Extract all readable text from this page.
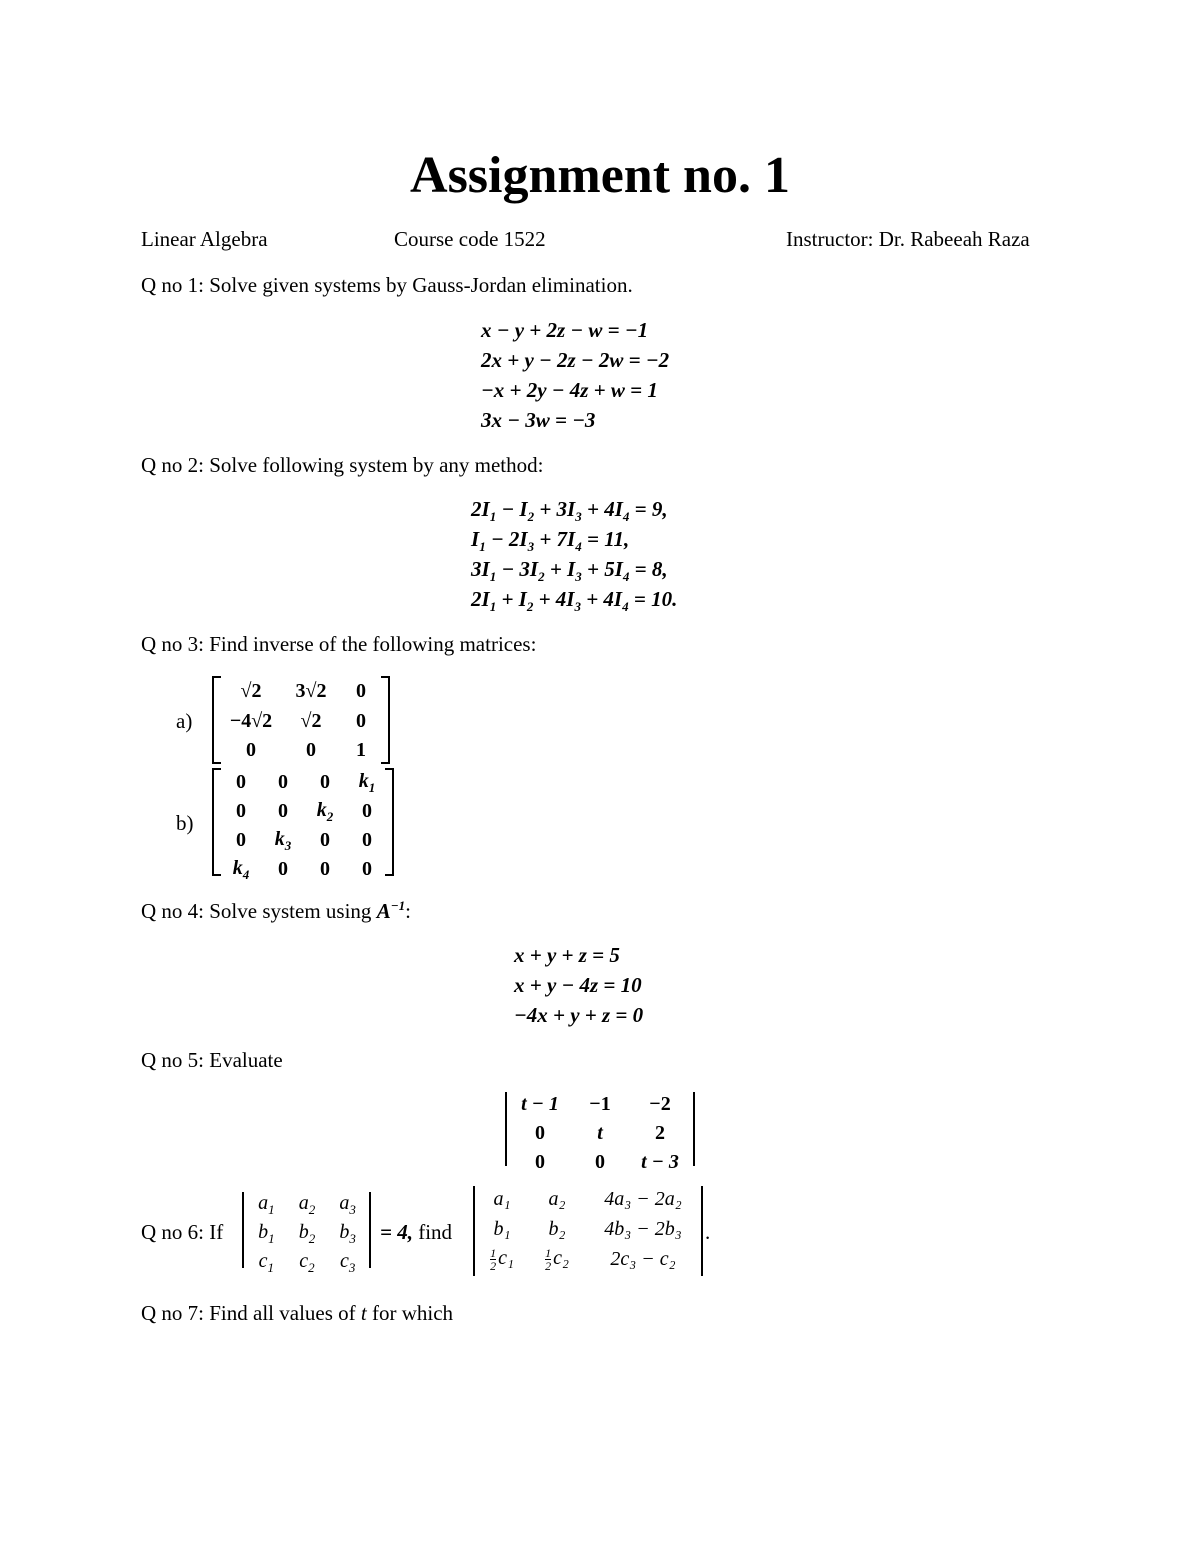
Assignment no. 1
Linear Algebra	Course code 1522	Instructor: Dr. Rabeeah Raza
Q no 1: Solve given systems by Gauss-Jordan elimination.
x − y + 2z − w = −1
2x + y − 2z − 2w = −2
−x + 2y − 4z + w = 1
3x − 3w = −3
Q no 2: Solve following system by any method:
$2I_1 - I_2 + 3I_3 + 4I_4 = 9$,
$I_1 - 2I_3 + 7I_4 = 11$,
$3I_1 - 3I_2 + I_3 + 5I_4 = 8$,
$2I_1 + I_2 + 4I_3 + 4I_4 = 10$.
Q no 3: Find inverse of the following matrices:
a)
√2	3√2	0
−4√2	√2	0
0	0	1
b)
0	0	0	$k_1$
0	0	$k_2$	0
0	$k_3$	0	0
$k_4$	0	0	0
Q no 4: Solve system using $A^{-1}$:
x + y + z = 5
x + y − 4z = 10
−4x + y + z = 0
Q no 5: Evaluate
t − 1	−1	−2
0	t	2
0	0	t − 3
Q no 6: If
$a_1$	$a_2$	$a_3$
$b_1$	$b_2$	$b_3$
$c_1$	$c_2$	$c_3$
= 4, find
a₁	a₂	4a₃ − 2a₂
b₁	b₂	4b₃ − 2b₃

$\frac{1}{2} c_1$	$\frac{1}{2} c_2$	2c₃ − c₂
.
Q no 7: Find all values of t for which
